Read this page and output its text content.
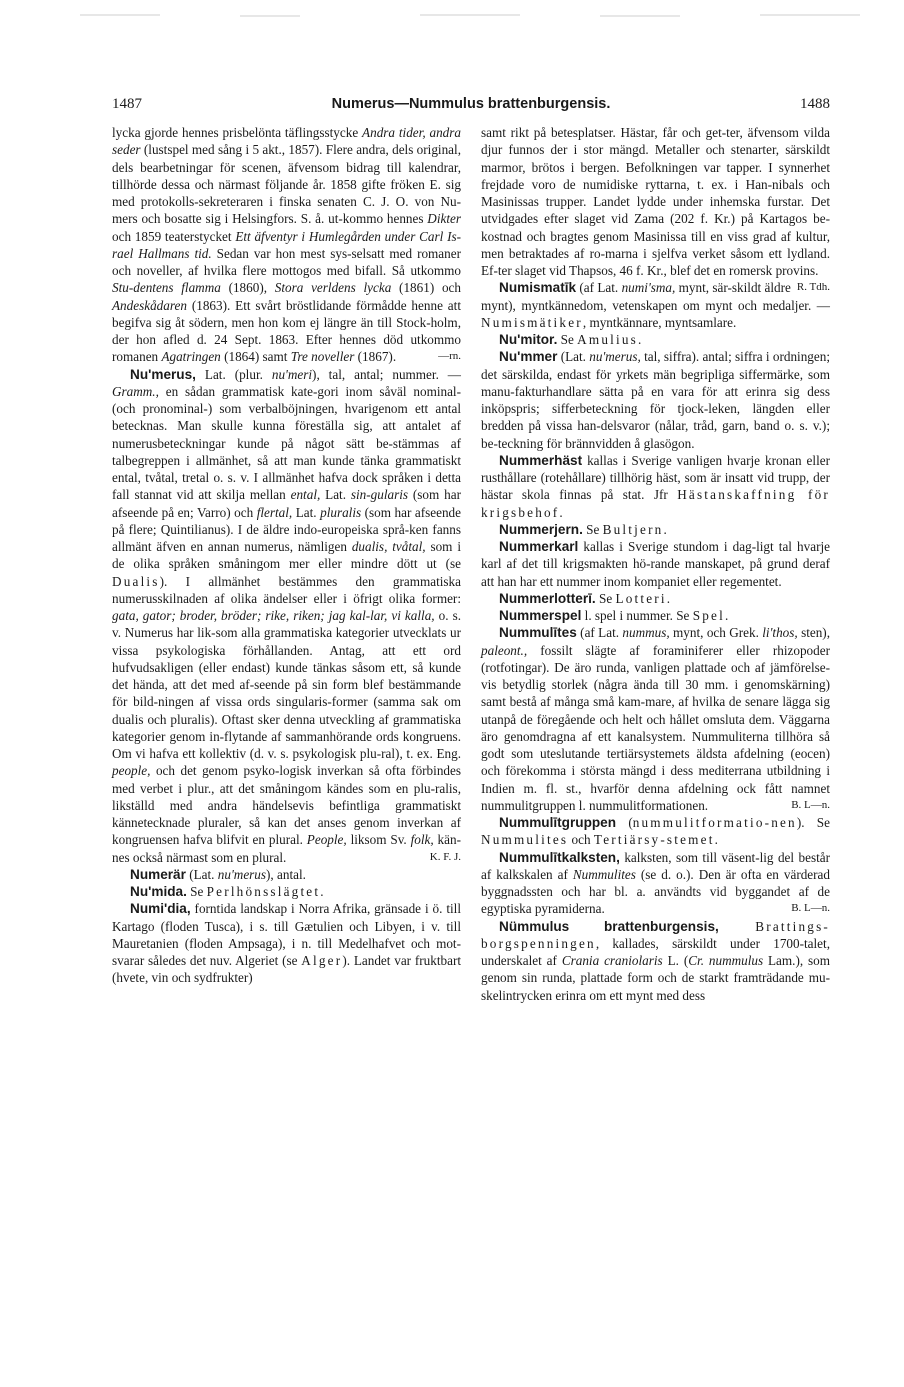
1487	Numerus—Nummulus brattenburgensis.	1488

lycka gjorde hennes prisbelönta täflingsstycke Andra tider, andra seder (lustspel med sång i 5 akt., 1857). Flere andra, dels original, dels bearbetningar för scenen, äfvensom bidrag till kalendrar, tillhörde dessa och närmast följande år. 1858 gifte fröken E. sig med protokolls-sekreteraren i finska senaten C. J. O. von Nu-mers och bosatte sig i Helsingfors. S. å. ut-kommo hennes Dikter och 1859 teaterstycket Ett äfventyr i Humlegården under Carl Is-rael Hallmans tid. Sedan var hon mest sys-selsatt med romaner och noveller, af hvilka flere mottogos med bifall. Så utkommo Stu-dentens flamma (1860), Stora verldens lycka (1861) och Andeskådaren (1863). Ett svårt bröstlidande förmådde henne att begifva sig åt södern, men hon kom ej längre än till Stock-holm, der hon afled d. 24 Sept. 1863. Efter hennes död utkommo romanen Agatringen (1864) samt Tre noveller (1867).	—rn.

Nu'merus, Lat. (plur. nu'meri), tal, antal; nummer. — Gramm., en sådan grammatisk kate-gori inom såväl nominal- (och pronominal-) som verbalböjningen, hvarigenom ett antal betecknas. Man skulle kunna föreställa sig, att antalet af numerusbeteckningar kunde på något sätt be-stämmas af talbegreppen i allmänhet, så att man kunde tänka grammatiskt ental, tvåtal, tretal o. s. v. I allmänhet hafva dock språken i detta fall stannat vid att skilja mellan ental, Lat. sin-gularis (som har afseende på en; Varro) och flertal, Lat. pluralis (som har afseende på flere; Quintilianus). I de äldre indo-europeiska språ-ken fanns allmänt äfven en annan numerus, nämligen dualis, tvåtal, som i de olika språken småningom mer eller mindre dött ut (se Dualis). I allmänhet bestämmes den grammatiska numerusskilnaden af olika ändelser eller i öfrigt olika former: gata, gator; broder, bröder; rike, riken; jag kal-lar, vi kalla, o. s. v. Numerus har lik-som alla grammatiska kategorier utvecklats ur vissa psykologiska förhållanden. Antag, att ett ord hufvudsakligen (eller endast) kunde tänkas såsom ett, så kunde det hända, att det med af-seende på sin form blef bestämmande för bild-ningen af vissa ords singularis-former (samma sak om dualis och pluralis). Oftast sker denna utveckling af grammatiska kategorier genom in-flytande af sammanhörande ords kongruens. Om vi hafva ett kollektiv (d. v. s. psykologisk plu-ral), t. ex. Eng. people, och det genom psyko-logisk inverkan så ofta förbindes med verbet i plur., att det småningom kändes som en plu-ralis, likställd med andra händelsevis befintliga grammatiskt kännetecknade pluraler, så kan det anses genom inverkan af kongruensen hafva blifvit en plural. People, liksom Sv. folk, kän-nes också närmast som en plural.	K. F. J.

Numerär (Lat. nu'merus), antal.

Nu'mida. Se Perlhönsslägtet.

Numi'dia, forntida landskap i Norra Afrika, gränsade i ö. till Kartago (floden Tusca), i s. till Gætulien och Libyen, i v. till Mauretanien (floden Ampsaga), i n. till Medelhafvet och mot-svarar således det nuv. Algeriet (se Alger). Landet var fruktbart (hvete, vin och sydfrukter)

samt rikt på betesplatser. Hästar, får och get-ter, äfvensom vilda djur funnos der i stor mängd. Metaller och stenarter, särskildt marmor, brötos i bergen. Befolkningen var tapper. I synnerhet frejdade voro de numidiske ryttarna, t. ex. i Han-nibals och Masinissas trupper. Landet lydde under inhemska furstar. Det utvidgades efter slaget vid Zama (202 f. Kr.) på Kartagos be-kostnad och bragtes genom Masinissa till en viss grad af kultur, men betraktades af ro-marna i sjelfva verket såsom ett lydland. Ef-ter slaget vid Thapsos, 46 f. Kr., blef det en romersk provins.
R. Tdh.

Numismatīk (af Lat. numi'sma, mynt, sär-skildt äldre mynt), myntkännedom, vetenskapen om mynt och medaljer. — Numismätiker, myntkännare, myntsamlare.

Nu'mitor. Se Amulius.

Nu'mmer (Lat. nu'merus, tal, siffra). antal; siffra i ordningen; det särskilda, endast för yrkets män begripliga siffermärke, som manu-fakturhandlare sätta på en vara för att erinra sig dess inköpspris; sifferbeteckning för tjock-leken, längden eller bredden på vissa han-delsvaror (nålar, tråd, garn, band o. s. v.); be-teckning för brännvidden å glasögon.

Nummerhäst kallas i Sverige vanligen hvarje kronan eller rusthållare (rotehållare) tillhörig häst, som är insatt vid trupp, der hästar skola finnas på stat. Jfr Hästanskaffning för krigsbehof.

Nummerjern. Se Bultjern.

Nummerkarl kallas i Sverige stundom i dag-ligt tal hvarje karl af det till krigsmakten hö-rande manskapet, på grund deraf att han har ett nummer inom kompaniet eller regementet.

Nummerlotterī. Se Lotteri.

Nummerspel l. spel i nummer. Se Spel.

Nummulītes (af Lat. nummus, mynt, och Grek. li'thos, sten), paleont., fossilt slägte af foraminiferer eller rhizopoder (rotfotingar). De äro runda, vanligen plattade och af jämförelse-vis betydlig storlek (några ända till 30 mm. i genomskärning) samt bestå af många små kam-mare, af hvilka de senare lägga sig utanpå de föregående och helt och hållet omsluta dem. Väggarna äro genomdragna af ett kanalsystem. Nummuliterna tillhöra så godt som uteslutande tertiärsystemets äldsta afdelning (eocen) och förekomma i största mängd i dess mediterrana utbildning i Indien m. fl. st., hvarför denna afdelning ock fått namnet nummulitgruppen l. nummulitformationen.	B. L—n.

Nummulītgruppen (nummulitformatio-nen). Se Nummulites och Tertiärsy-stemet.

Nummulītkalksten, kalksten, som till väsent-lig del består af kalkskalen af Nummulites (se d. o.). Den är ofta en värderad byggnadssten och har bl. a. användts vid byggandet af de egyptiska pyramiderna.	B. L—n.

Nümmulus brattenburgensis, Brattings-borgspenningen, kallades, särskildt under 1700-talet, underskalet af Crania craniolaris L. (Cr. nummulus Lam.), som genom sin runda, plattade form och de starkt framträdande mu-skelintrycken erinra om ett mynt med dess
